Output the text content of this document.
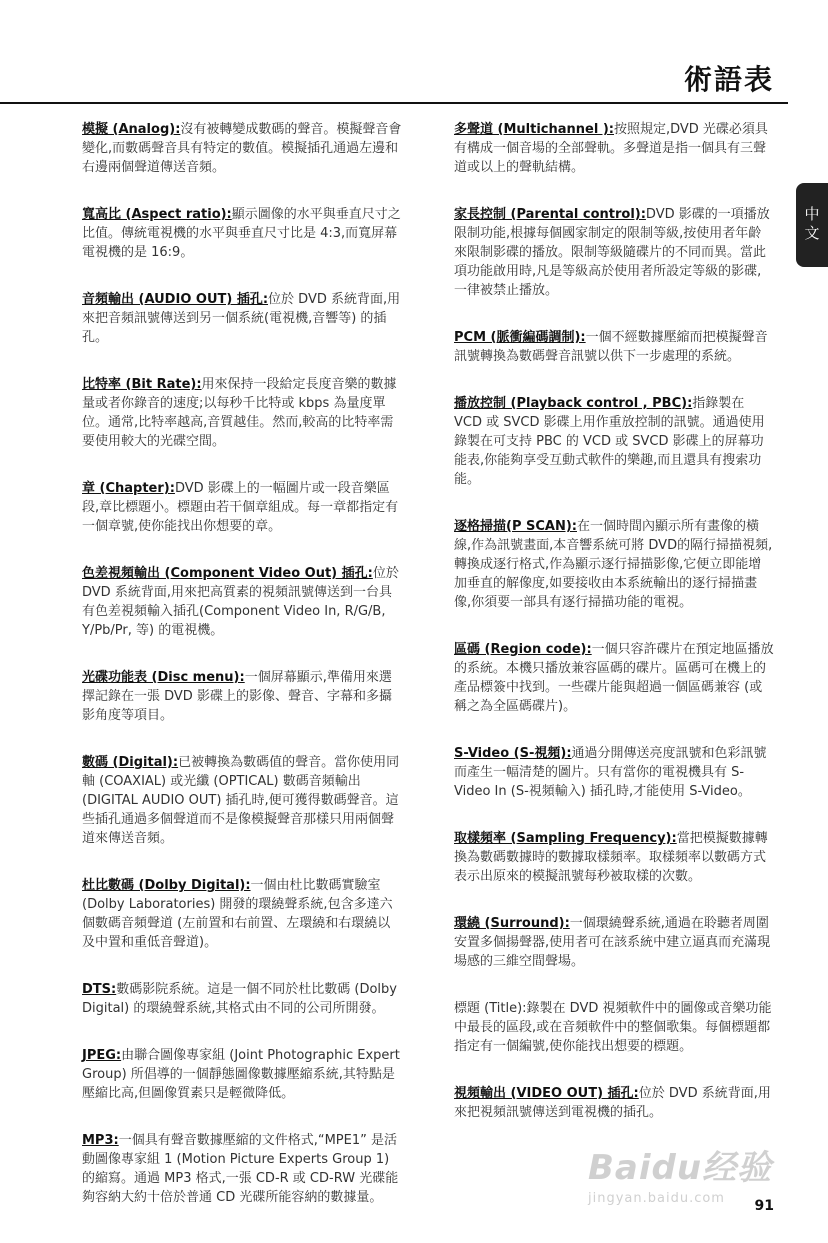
術語表
中文

模擬 (Analog):沒有被轉變成數碼的聲音。模擬聲音會變化,而數碼聲音具有特定的數值。模擬插孔通過左邊和右邊兩個聲道傳送音頻。

寬高比 (Aspect ratio):顯示圖像的水平與垂直尺寸之比值。傳統電視機的水平與垂直尺寸比是 4:3,而寬屏幕電視機的是 16:9。

音頻輸出 (AUDIO OUT) 插孔:位於 DVD 系統背面,用來把音頻訊號傳送到另一個系統(電視機,音響等) 的插孔。

比特率 (Bit Rate):用來保持一段給定長度音樂的數據量或者你錄音的速度;以每秒千比特或 kbps 為量度單位。通常,比特率越高,音質越佳。然而,較高的比特率需要使用較大的光碟空間。

章 (Chapter):DVD 影碟上的一幅圖片或一段音樂區段,章比標題小。標題由若干個章組成。每一章都指定有一個章號,使你能找出你想要的章。

色差視頻輸出 (Component Video Out) 插孔:位於 DVD 系統背面,用來把高質素的視頻訊號傳送到一台具有色差視頻輸入插孔(Component Video In, R/G/B, Y/Pb/Pr, 等) 的電視機。

光碟功能表 (Disc menu):一個屏幕顯示,準備用來選擇記錄在一張 DVD 影碟上的影像、聲音、字幕和多攝影角度等項目。

數碼 (Digital):已被轉換為數碼值的聲音。當你使用同軸 (COAXIAL) 或光纖 (OPTICAL) 數碼音頻輸出 (DIGITAL AUDIO OUT) 插孔時,便可獲得數碼聲音。這些插孔通過多個聲道而不是像模擬聲音那樣只用兩個聲道來傳送音頻。

杜比數碼 (Dolby Digital):一個由杜比數碼實驗室 (Dolby Laboratories) 開發的環繞聲系統,包含多達六個數碼音頻聲道 (左前置和右前置、左環繞和右環繞以及中置和重低音聲道)。

DTS:數碼影院系統。這是一個不同於杜比數碼 (Dolby Digital) 的環繞聲系統,其格式由不同的公司所開發。

JPEG:由聯合圖像專家組 (Joint Photographic Expert Group) 所倡導的一個靜態圖像數據壓縮系統,其特點是壓縮比高,但圖像質素只是輕微降低。

MP3:一個具有聲音數據壓縮的文件格式,“MPE1” 是活動圖像專家組 1 (Motion Picture Experts Group 1) 的縮寫。通過 MP3 格式,一張 CD-R 或 CD-RW 光碟能夠容納大約十倍於普通 CD 光碟所能容納的數據量。

多聲道 (Multichannel ):按照規定,DVD 光碟必須具有構成一個音場的全部聲軌。多聲道是指一個具有三聲道或以上的聲軌結構。

家長控制 (Parental control):DVD 影碟的一項播放限制功能,根據每個國家制定的限制等級,按使用者年齡來限制影碟的播放。限制等級隨碟片的不同而異。當此項功能啟用時,凡是等級高於使用者所設定等級的影碟,一律被禁止播放。

PCM (脈衝編碼調制):一個不經數據壓縮而把模擬聲音訊號轉換為數碼聲音訊號以供下一步處理的系統。

播放控制 (Playback control , PBC):指錄製在 VCD 或 SVCD 影碟上用作重放控制的訊號。通過使用錄製在可支持 PBC 的 VCD 或 SVCD 影碟上的屏幕功能表,你能夠享受互動式軟件的樂趣,而且還具有搜索功能。

逐格掃描(P SCAN):在一個時間內顯示所有畫像的橫線,作為訊號畫面,本音響系統可將 DVD的隔行掃描視頻,轉換成逐行格式,作為顯示逐行掃描影像,它便立即能增加垂直的解像度,如要接收由本系統輸出的逐行掃描畫像,你須要一部具有逐行掃描功能的電視。

區碼 (Region code):一個只容許碟片在預定地區播放的系統。本機只播放兼容區碼的碟片。區碼可在機上的產品標簽中找到。一些碟片能與超過一個區碼兼容 (或稱之為全區碼碟片)。

S-Video (S-視頻):通過分開傳送亮度訊號和色彩訊號而產生一幅清楚的圖片。只有當你的電視機具有 S-Video In (S-視頻輸入) 插孔時,才能使用 S-Video。

取樣頻率 (Sampling Frequency):當把模擬數據轉換為數碼數據時的數據取樣頻率。取樣頻率以數碼方式表示出原來的模擬訊號每秒被取樣的次數。

環繞 (Surround):一個環繞聲系統,通過在聆聽者周圍安置多個揚聲器,使用者可在該系統中建立逼真而充滿現場感的三維空間聲場。

標題 (Title):錄製在 DVD 視頻軟件中的圖像或音樂功能中最長的區段,或在音頻軟件中的整個歌集。每個標題都指定有一個編號,使你能找出想要的標題。

視頻輸出 (VIDEO OUT) 插孔:位於 DVD 系統背面,用來把視頻訊號傳送到電視機的插孔。

Baidu经验
jingyan.baidu.com	91
